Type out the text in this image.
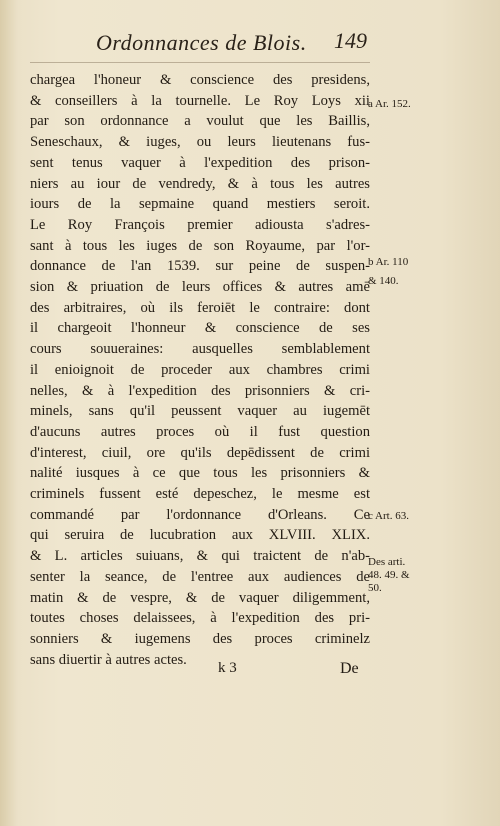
Ordonnances de Blois.	149
chargea l'honeur & conscience des presidens,
& conseillers à la tournelle. Le Roy Loys xii
par son ordonnance a voulut que les Baillis,
Seneschaux, & iuges, ou leurs lieutenans fus-
sent tenus vaquer à l'expedition des prison-
niers au iour de vendredy, & à tous les autres
iours de la sepmaine quand mestiers seroit.
Le Roy François premier adiousta s'adres-
sant à tous les iuges de son Royaume, par l'or-
donnance de l'an 1539. sur peine de suspen-
sion & priuation de leurs offices & autres amē
des arbitraires, où ils feroiēt le contraire: dont
il chargeoit l'honneur & conscience de ses
cours souueraines: ausquelles semblablement
il enioignoit de proceder aux chambres crimi
nelles, & à l'expedition des prisonniers & cri-
minels, sans qu'il peussent vaquer au iugemēt
d'aucuns autres proces où il fust question
d'interest, ciuil, ore qu'ils depēdissent de crimi
nalité iusques à ce que tous les prisonniers &
criminels fussent esté depeschez, le mesme est
commandé par l'ordonnance d'Orleans. Ce
qui seruira de lucubration aux XLVIII. XLIX.
& L. articles suiuans, & qui traictent de n'ab-
senter la seance, de l'entree aux audiences de
matin & de vespre, & de vaquer diligemment,
toutes choses delaissees, à l'expedition des pri-
sonniers & iugemens des proces criminelz
sans diuertir à autres actes.
a Ar. 152.
b Ar. 110
& 140.
c Art. 63.
Des arti.
48. 49. &
50.
k 3	De
